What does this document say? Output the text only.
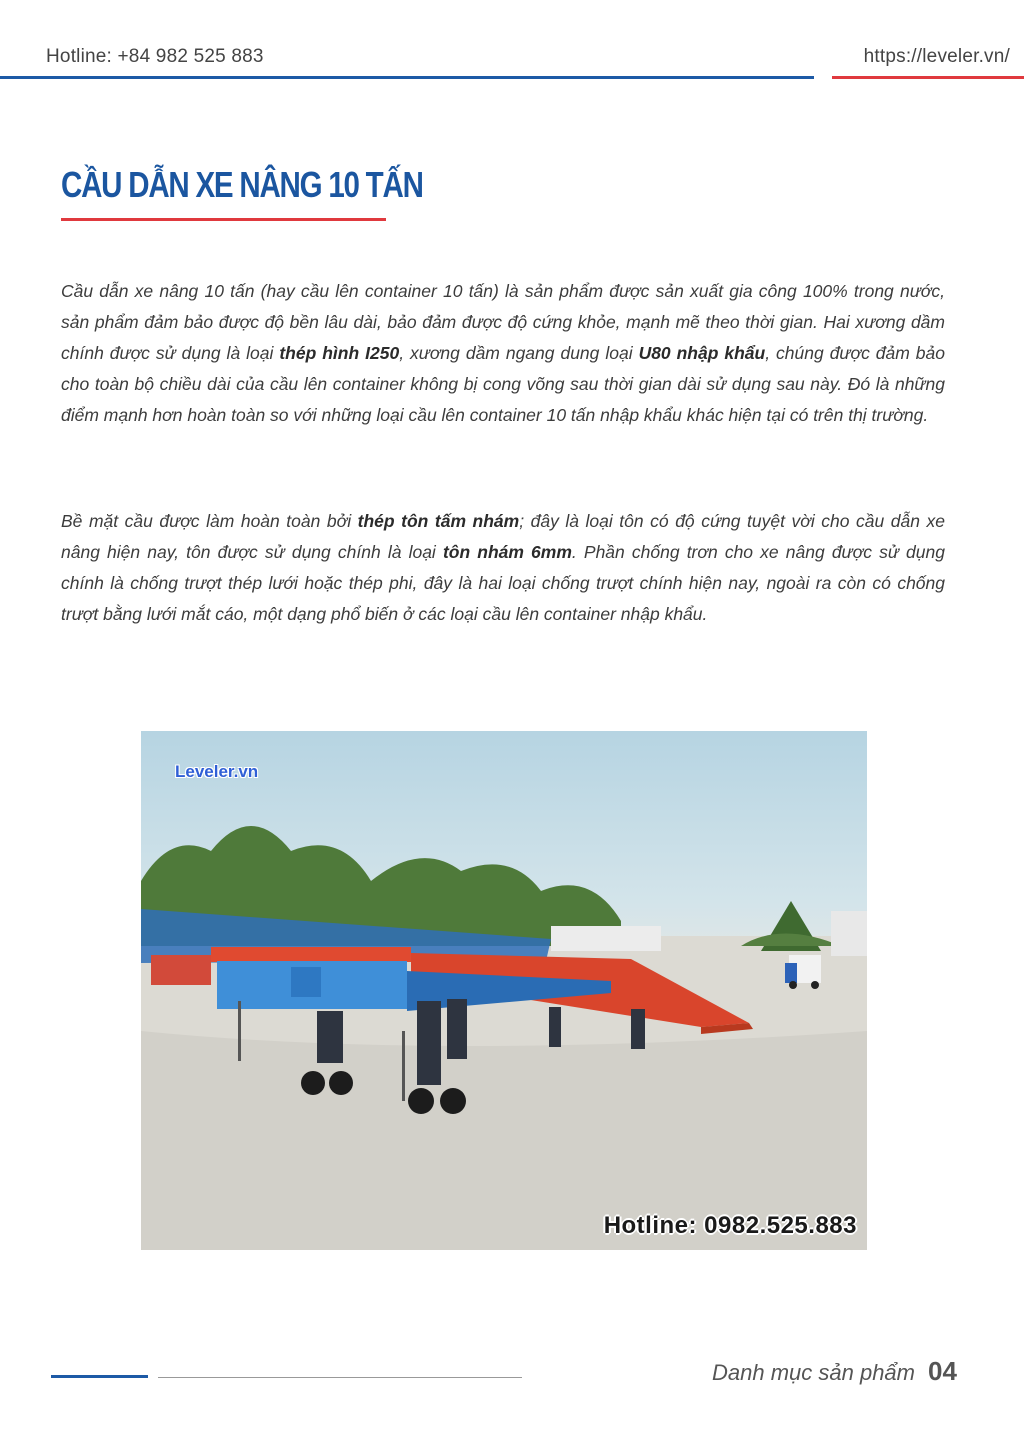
Hotline: +84 982 525 883	https://leveler.vn/
CẦU DẪN XE NÂNG 10 TẤN

Cầu dẫn xe nâng 10 tấn (hay cầu lên container 10 tấn) là sản phẩm được sản xuất gia công 100% trong nước, sản phẩm đảm bảo được độ bền lâu dài, bảo đảm được độ cứng khỏe, mạnh mẽ theo thời gian. Hai xương dầm chính được sử dụng là loại thép hình I250, xương dầm ngang dung loại U80 nhập khẩu, chúng được đảm bảo cho toàn bộ chiều dài của cầu lên container không bị cong võng sau thời gian dài sử dụng sau này. Đó là những điểm mạnh hơn hoàn toàn so với những loại cầu lên container 10 tấn nhập khẩu khác hiện tại có trên thị trường.

Bề mặt cầu được làm hoàn toàn bởi thép tôn tấm nhám; đây là loại tôn có độ cứng tuyệt vời cho cầu dẫn xe nâng hiện nay, tôn được sử dụng chính là loại tôn nhám 6mm. Phần chống trơn cho xe nâng được sử dụng chính là chống trượt thép lưới hoặc thép phi, đây là hai loại chống trượt chính hiện nay, ngoài ra còn có chống trượt bằng lưới mắt cáo, một dạng phổ biến ở các loại cầu lên container nhập khẩu.

Leveler.vn
Hotline: 0982.525.883
Danh mục sản phẩm 04
